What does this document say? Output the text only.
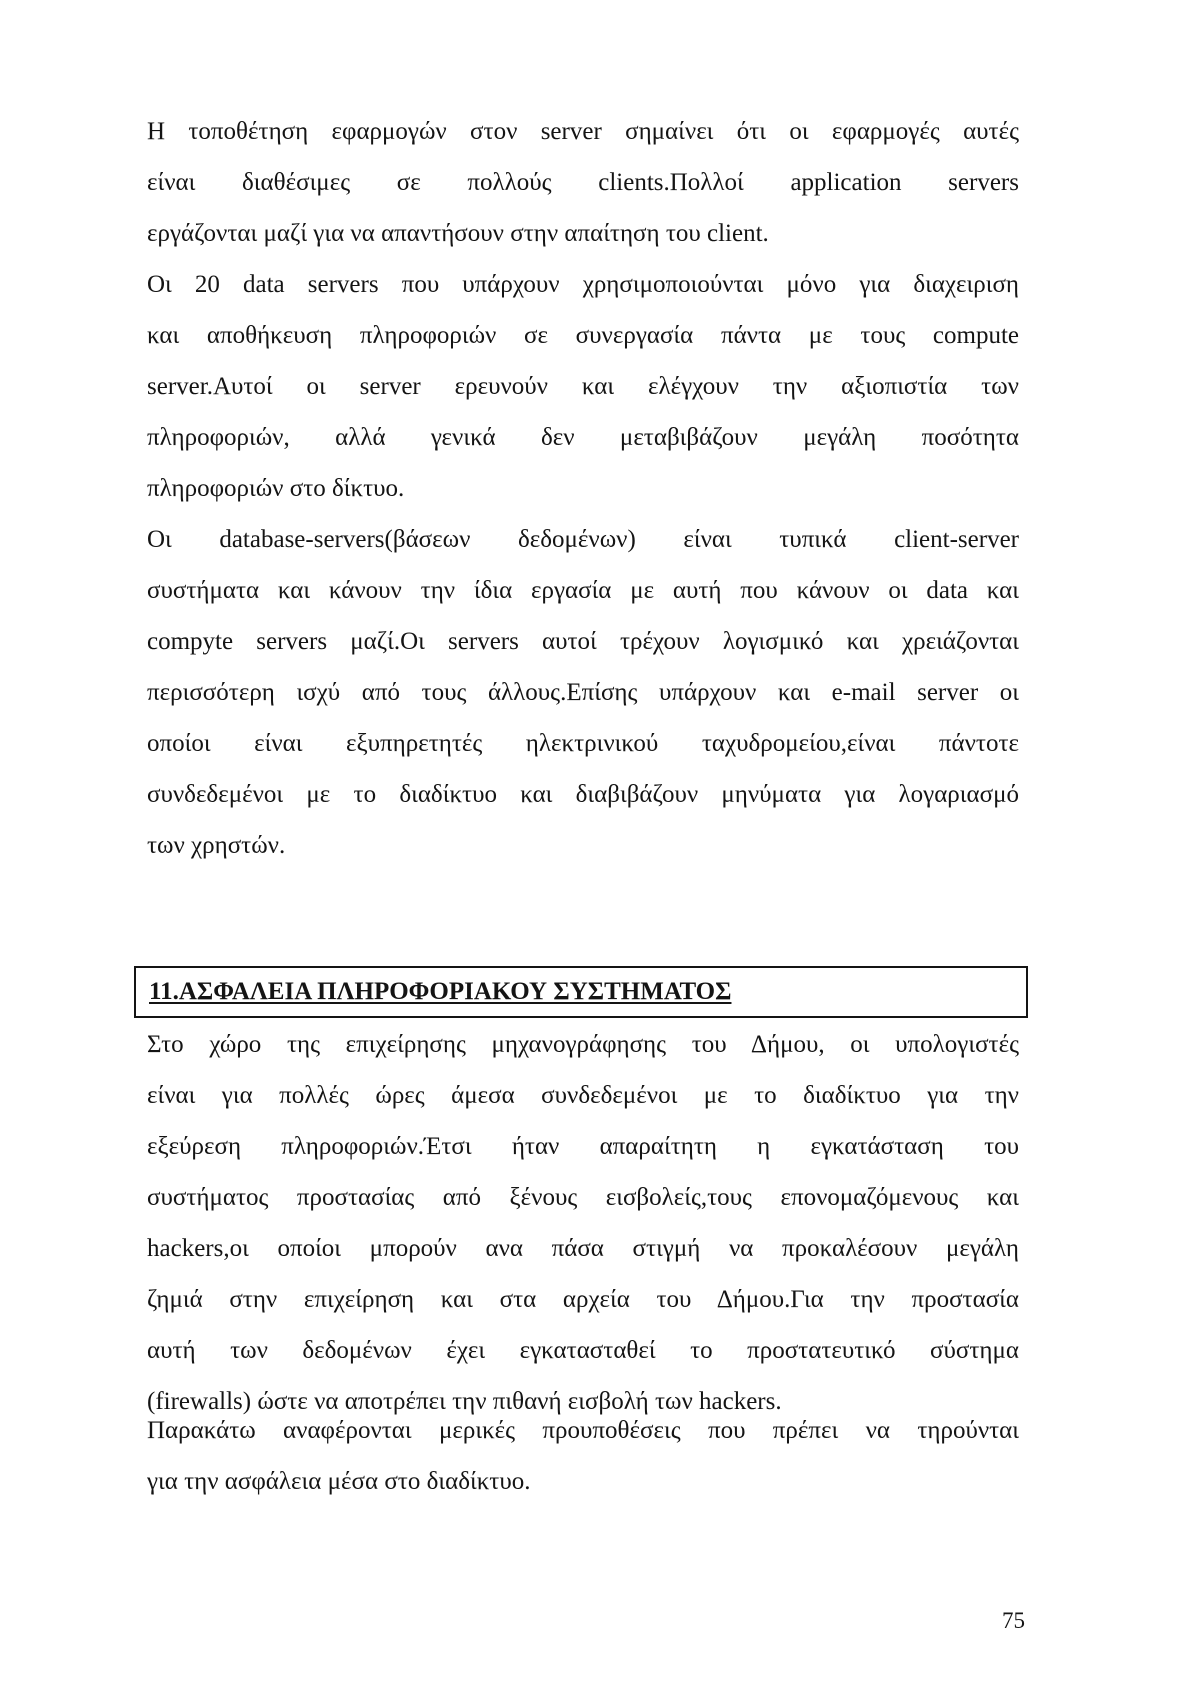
Η τοποθέτηση εφαρμογών στον server σημαίνει ότι οι εφαρμογές αυτές
είναι διαθέσιμες σε πολλούς clients.Πολλοί application servers
εργάζονται μαζί για να απαντήσουν στην απαίτηση του client.
Οι 20 data servers που υπάρχουν χρησιμοποιούνται μόνο για διαχειριση
και αποθήκευση πληροφοριών σε συνεργασία πάντα με τους compute
server.Αυτοί οι server ερευνούν και ελέγχουν την αξιοπιστία των
πληροφοριών, αλλά γενικά δεν μεταβιβάζουν μεγάλη ποσότητα
πληροφοριών στο δίκτυο.
Οι database-servers(βάσεων δεδομένων) είναι τυπικά client-server
συστήματα και κάνουν την ίδια εργασία με αυτή που κάνουν οι data και
compyte servers μαζί.Οι servers αυτοί τρέχουν λογισμικό και χρειάζονται
περισσότερη ισχύ από τους άλλους.Επίσης υπάρχουν και e-mail server οι
οποίοι είναι εξυπηρετητές ηλεκτρινικού ταχυδρομείου,είναι πάντοτε
συνδεδεμένοι με το διαδίκτυο και διαβιβάζουν μηνύματα για λογαριασμό
των χρηστών.
11.ΑΣΦΑΛΕΙΑ ΠΛΗΡΟΦΟΡΙΑΚΟΥ ΣΥΣΤΗΜΑΤΟΣ
Στο χώρο της επιχείρησης μηχανογράφησης του Δήμου, οι υπολογιστές
είναι για πολλές ώρες άμεσα συνδεδεμένοι με το διαδίκτυο για την
εξεύρεση πληροφοριών.Έτσι ήταν απαραίτητη η εγκατάσταση του
συστήματος προστασίας από ξένους εισβολείς,τους επονομαζόμενους και
hackers,οι οποίοι μπορούν ανα πάσα στιγμή να προκαλέσουν μεγάλη
ζημιά στην επιχείρηση και στα αρχεία του Δήμου.Για την προστασία
αυτή των δεδομένων έχει εγκατασταθεί το προστατευτικό σύστημα
(firewalls) ώστε να αποτρέπει την πιθανή εισβολή των hackers.
Παρακάτω αναφέρονται μερικές προυποθέσεις που πρέπει να τηρούνται
για την ασφάλεια μέσα στο διαδίκτυο.
75
